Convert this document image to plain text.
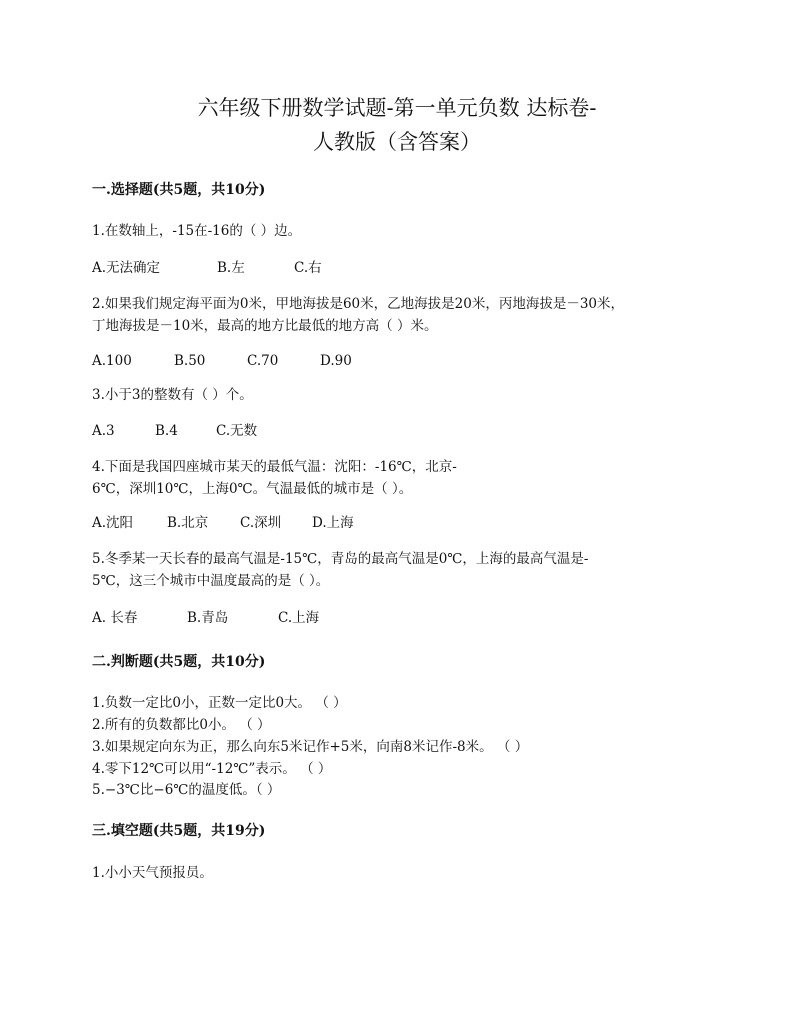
六年级下册数学试题-第一单元负数 达标卷-
人教版（含答案）
一.选择题(共5题，共10分)
1.在数轴上，-15在-16的（ ）边。
A.无法确定	B.左	C.右
2.如果我们规定海平面为0米，甲地海拔是60米，乙地海拔是20米，丙地海拔是－30米，
丁地海拔是－10米，最高的地方比最低的地方高（ ）米。
A.100	B.50	C.70	D.90
3.小于3的整数有（ ）个。
A.3	B.4	C.无数
4.下面是我国四座城市某天的最低气温：沈阳：-16℃，北京-
6℃，深圳10℃，上海0℃。气温最低的城市是（ ）。
A.沈阳	B.北京 C.深圳 D.上海
5.冬季某一天长春的最高气温是-15℃，青岛的最高气温是0℃，上海的最高气温是-
5℃，这三个城市中温度最高的是（ ）。
A. 长春	B.青岛	C.上海
二.判断题(共5题，共10分)
1.负数一定比0小，正数一定比0大。 （ ）
2.所有的负数都比0小。 （ ）
3.如果规定向东为正，那么向东5米记作+5米，向南8米记作-8米。 （ ）
4.零下12℃可以用“-12℃”表示。 （ ）
5.−3℃比−6℃的温度低。（ ）
三.填空题(共5题，共19分)
1.小小天气预报员。
